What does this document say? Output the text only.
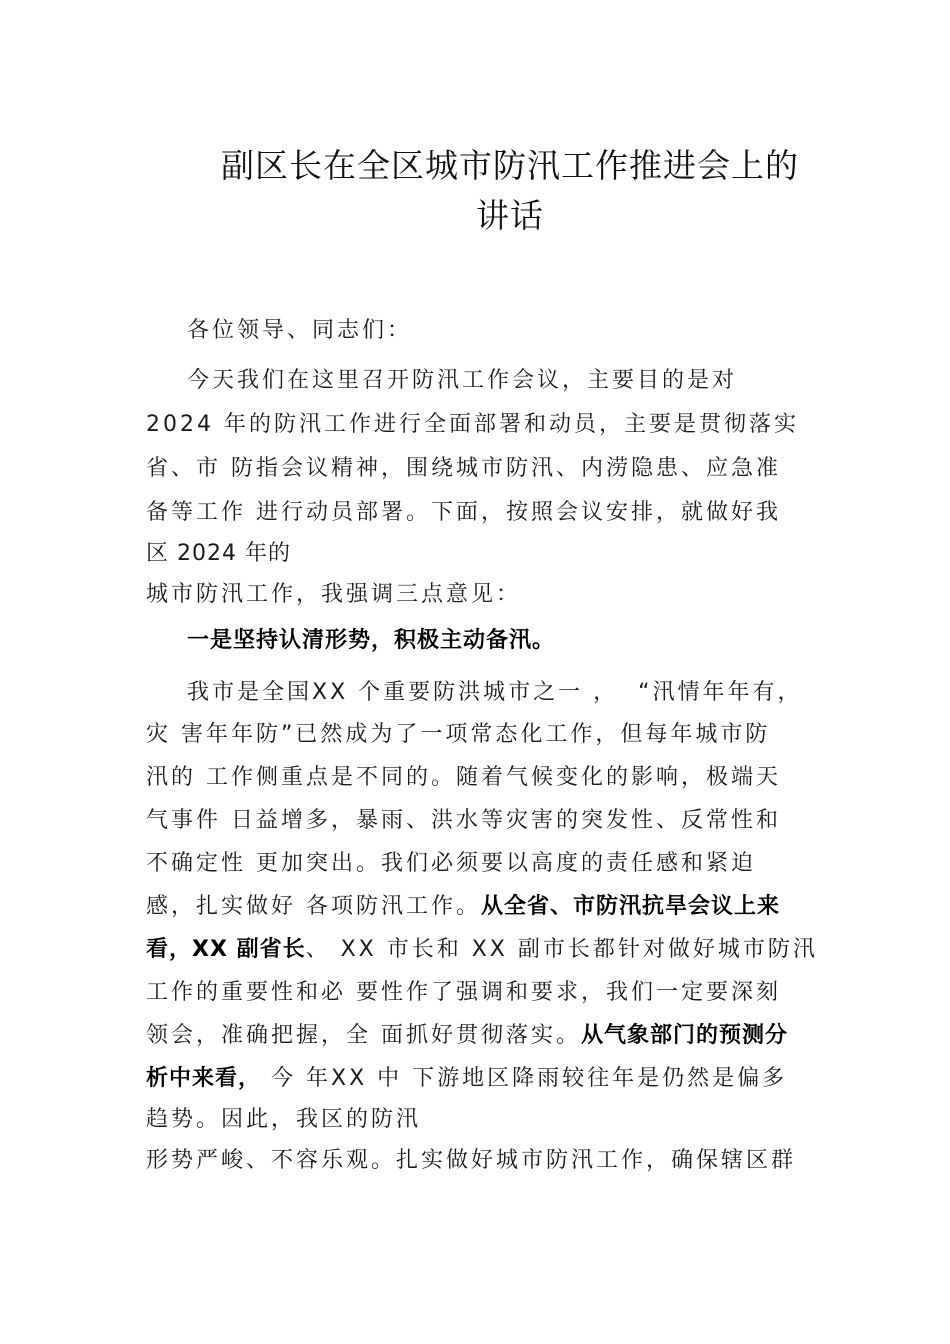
副区长在全区城市防汛工作推进会上的
讲话
各位领导、同志们：
今天我们在这里召开防汛工作会议，主要目的是对
2024 年的防汛工作进行全面部署和动员，主要是贯彻落实
省、市 防指会议精神，围绕城市防汛、内涝隐患、应急准
备等工作 进行动员部署。下面，按照会议安排，就做好我
区 2024 年的
城市防汛工作，我强调三点意见：
一是坚持认清形势，积极主动备汛。
我市是全国XX 个重要防洪城市之一 ，  “汛情年年有，
灾 害年年防”已然成为了一项常态化工作，但每年城市防
汛的 工作侧重点是不同的。随着气候变化的影响，极端天
气事件 日益增多，暴雨、洪水等灾害的突发性、反常性和
不确定性 更加突出。我们必须要以高度的责任感和紧迫
感，扎实做好 各项防汛工作。从全省、市防汛抗旱会议上来
看，XX 副省长、 XX 市长和 XX 副市长都针对做好城市防汛
工作的重要性和必 要性作了强调和要求，我们一定要深刻
领会，准确把握，全 面抓好贯彻落实。从气象部门的预测分
析中来看， 今 年XX 中 下游地区降雨较往年是仍然是偏多
趋势。因此，我区的防汛
形势严峻、不容乐观。扎实做好城市防汛工作，确保辖区群
